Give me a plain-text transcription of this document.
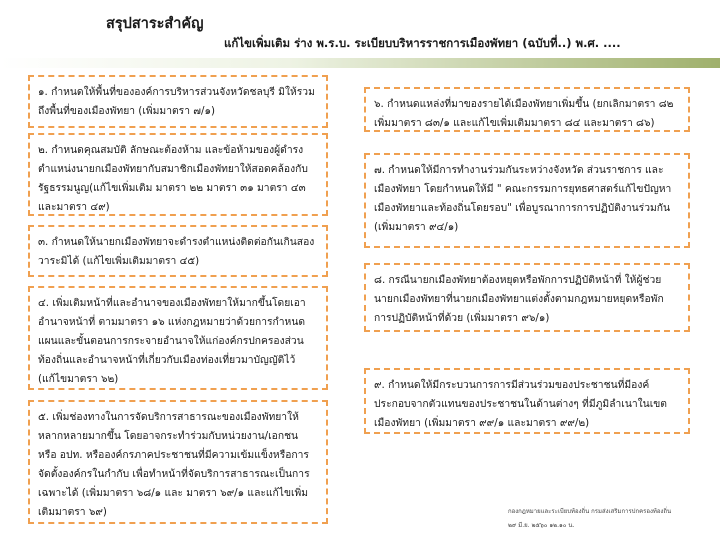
สรุปสาระสำคัญ
แก้ไขเพิ่มเติม ร่าง พ.ร.บ. ระเบียบบริหารราชการเมืองพัทยา (ฉบับที่..) พ.ศ. ....
๑. กำหนดให้พื้นที่ขององค์การบริหารส่วนจังหวัดชลบุรี มิให้รวมถึงพื้นที่ของเมืองพัทยา (เพิ่มมาตรา ๗/๑)
๒. กำหนดคุณสมบัติ ลักษณะต้องห้าม และข้อห้ามของผู้ดำรงตำแหน่งนายกเมืองพัทยากับสมาชิกเมืองพัทยาให้สอดคล้องกับรัฐธรรมนูญ(แก้ไขเพิ่มเติม มาตรา ๒๒ มาตรา ๓๑ มาตรา ๔๓ และมาตรา ๔๙)
๓. กำหนดให้นายกเมืองพัทยาจะดำรงตำแหน่งติดต่อกันเกินสองวาระมิได้ (แก้ไขเพิ่มเติมมาตรา ๔๕)
๔. เพิ่มเติมหน้าที่และอำนาจของเมืองพัทยาให้มากขึ้นโดยเอาอำนาจหน้าที่ ตามมาตรา ๑๖ แห่งกฎหมายว่าด้วยการกำหนดแผนและขั้นตอนการกระจายอำนาจให้แก่องค์กรปกครองส่วนท้องถิ่นและอำนาจหน้าที่เกี่ยวกับเมืองท่องเที่ยวมาบัญญัติไว้ (แก้ไขมาตรา ๖๒)
๕. เพิ่มช่องทางในการจัดบริการสาธารณะของเมืองพัทยาให้หลากหลายมากขึ้น โดยอาจกระทำร่วมกับหน่วยงาน/เอกชน หรือ อปท. หรือองค์กรภาคประชาชนที่มีความเข้มแข็งหรือการจัดตั้งองค์กรในกำกับ เพื่อทำหน้าที่จัดบริการสาธารณะเป็นการเฉพาะได้ (เพิ่มมาตรา ๖๘/๑ และ มาตรา ๖๙/๑ และแก้ไขเพิ่มเติมมาตรา ๖๙)
๖. กำหนดแหล่งที่มาของรายได้เมืองพัทยาเพิ่มขึ้น (ยกเลิกมาตรา ๘๒ เพิ่มมาตรา ๘๓/๑ และแก้ไขเพิ่มเติมมาตรา ๘๔ และมาตรา ๘๖)
๗. กำหนดให้มีการทำงานร่วมกันระหว่างจังหวัด ส่วนราชการ และเมืองพัทยา โดยกำหนดให้มี " คณะกรรมการยุทธศาสตร์แก้ไขปัญหาเมืองพัทยาและท้องถิ่นโดยรอบ" เพื่อบูรณาการการปฏิบัติงานร่วมกัน (เพิ่มมาตรา ๙๔/๑)
๘. กรณีนายกเมืองพัทยาต้องหยุดหรือพักการปฏิบัติหน้าที่ ให้ผู้ช่วยนายกเมืองพัทยาที่นายกเมืองพัทยาแต่งตั้งตามกฎหมายหยุดหรือพักการปฏิบัติหน้าที่ด้วย (เพิ่มมาตรา ๙๖/๑)
๙. กำหนดให้มีกระบวนการการมีส่วนร่วมของประชาชนที่มีองค์ประกอบจากตัวแทนของประชาชนในด้านต่างๆ ที่มีภูมิลำเนาในเขตเมืองพัทยา (เพิ่มมาตรา ๙๙/๑ และมาตรา ๙๙/๒)
กองกฎหมายและระเบียบท้องถิ่น กรมส่งเสริมการปกครองท้องถิ่น
๒๙ มี.ย. ๒๕๖๐ ๑๒.๑๐ น.
